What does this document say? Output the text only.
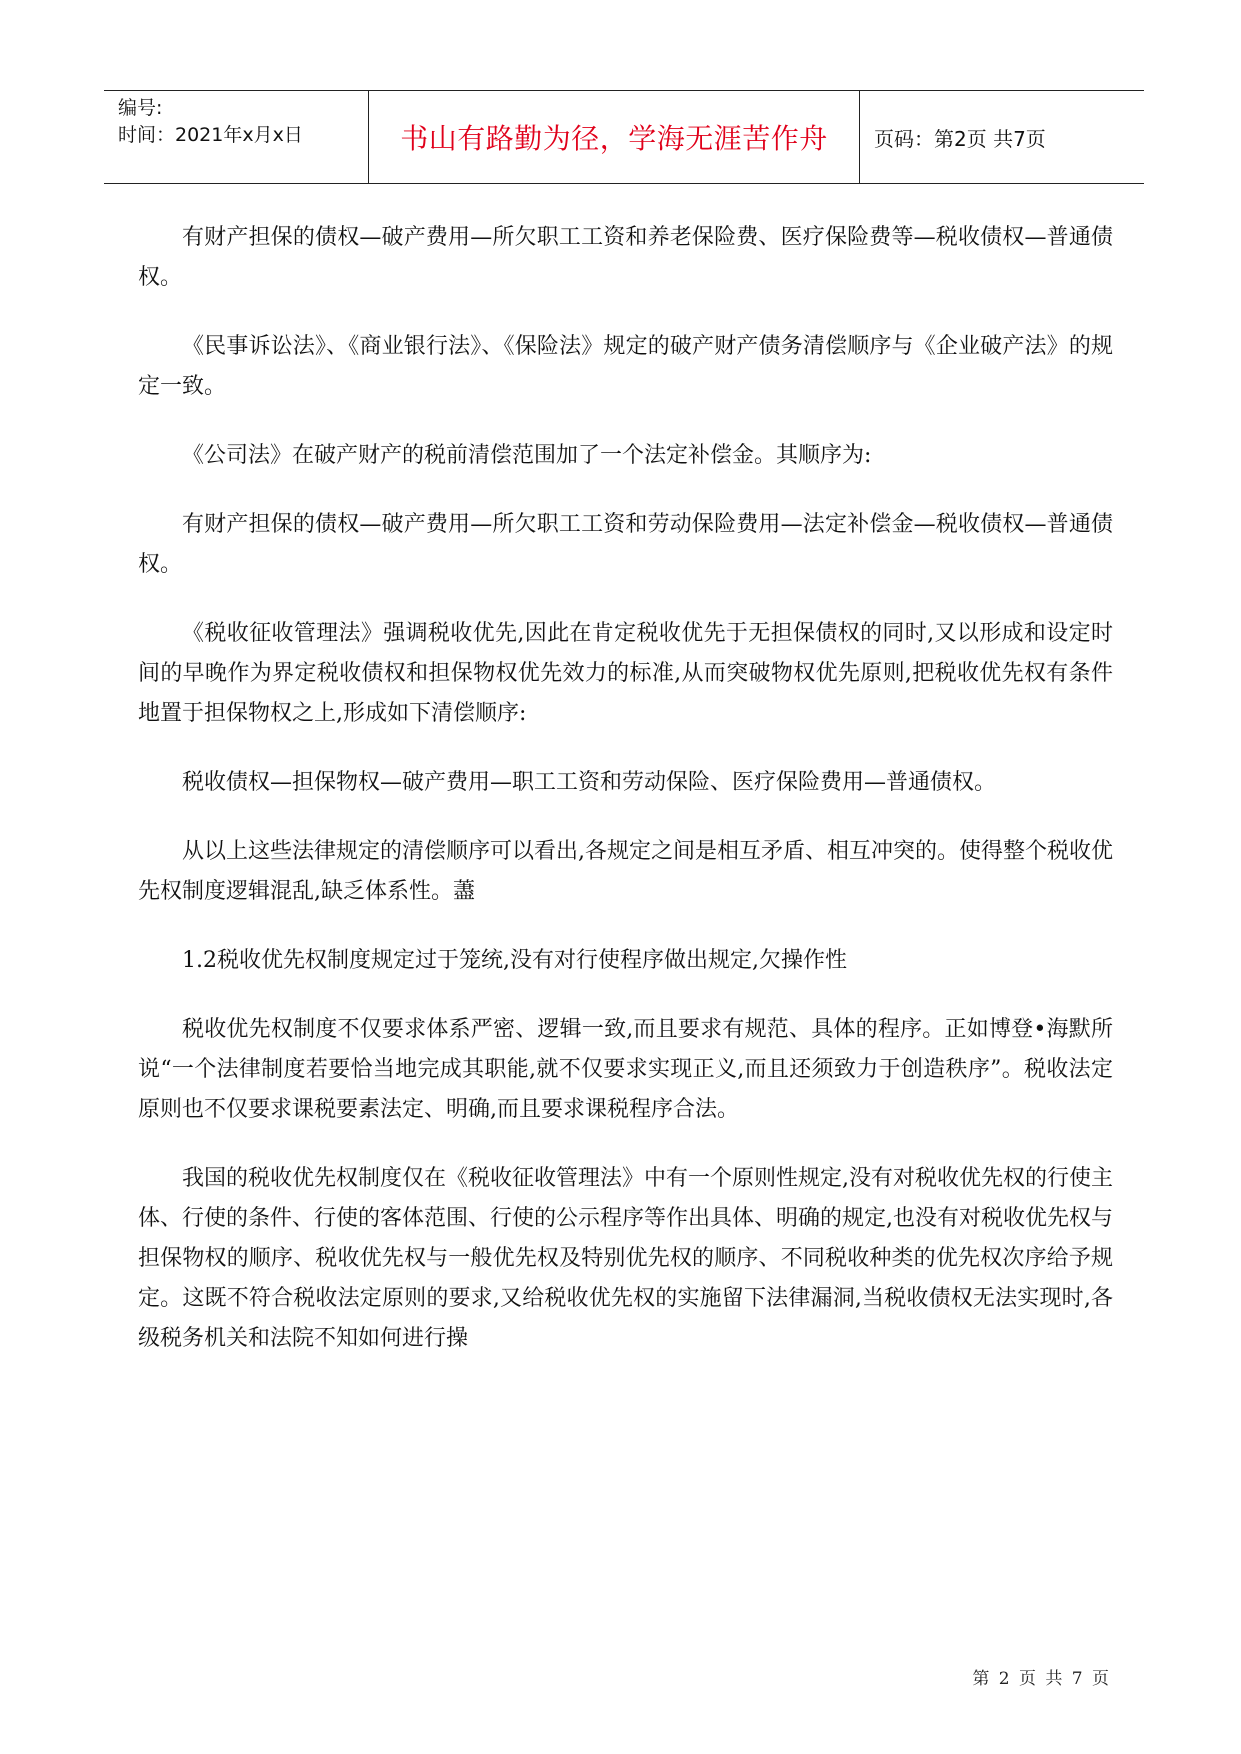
编号:
时间：2021年x月x日	书山有路勤为径，学海无涯苦作舟	页码：第2页 共7页

有财产担保的债权—破产费用—所欠职工工资和养老保险费、医疗保险费等—税收债权—普通债权。

《民事诉讼法》、《商业银行法》、《保险法》规定的破产财产债务清偿顺序与《企业破产法》的规定一致。

《公司法》在破产财产的税前清偿范围加了一个法定补偿金。其顺序为:

有财产担保的债权—破产费用—所欠职工工资和劳动保险费用—法定补偿金—税收债权—普通债权。

《税收征收管理法》强调税收优先,因此在肯定税收优先于无担保债权的同时,又以形成和设定时间的早晚作为界定税收债权和担保物权优先效力的标准,从而突破物权优先原则,把税收优先权有条件地置于担保物权之上,形成如下清偿顺序:

税收债权—担保物权—破产费用—职工工资和劳动保险、医疗保险费用—普通债权。

从以上这些法律规定的清偿顺序可以看出,各规定之间是相互矛盾、相互冲突的。使得整个税收优先权制度逻辑混乱,缺乏体系性。藎

1.2税收优先权制度规定过于笼统,没有对行使程序做出规定,欠操作性

税收优先权制度不仅要求体系严密、逻辑一致,而且要求有规范、具体的程序。正如博登•海默所说“一个法律制度若要恰当地完成其职能,就不仅要求实现正义,而且还须致力于创造秩序”。税收法定原则也不仅要求课税要素法定、明确,而且要求课税程序合法。

我国的税收优先权制度仅在《税收征收管理法》中有一个原则性规定,没有对税收优先权的行使主体、行使的条件、行使的客体范围、行使的公示程序等作出具体、明确的规定,也没有对税收优先权与担保物权的顺序、税收优先权与一般优先权及特别优先权的顺序、不同税收种类的优先权次序给予规定。这既不符合税收法定原则的要求,又给税收优先权的实施留下法律漏洞,当税收债权无法实现时,各级税务机关和法院不知如何进行操

第 2 页 共 7 页
